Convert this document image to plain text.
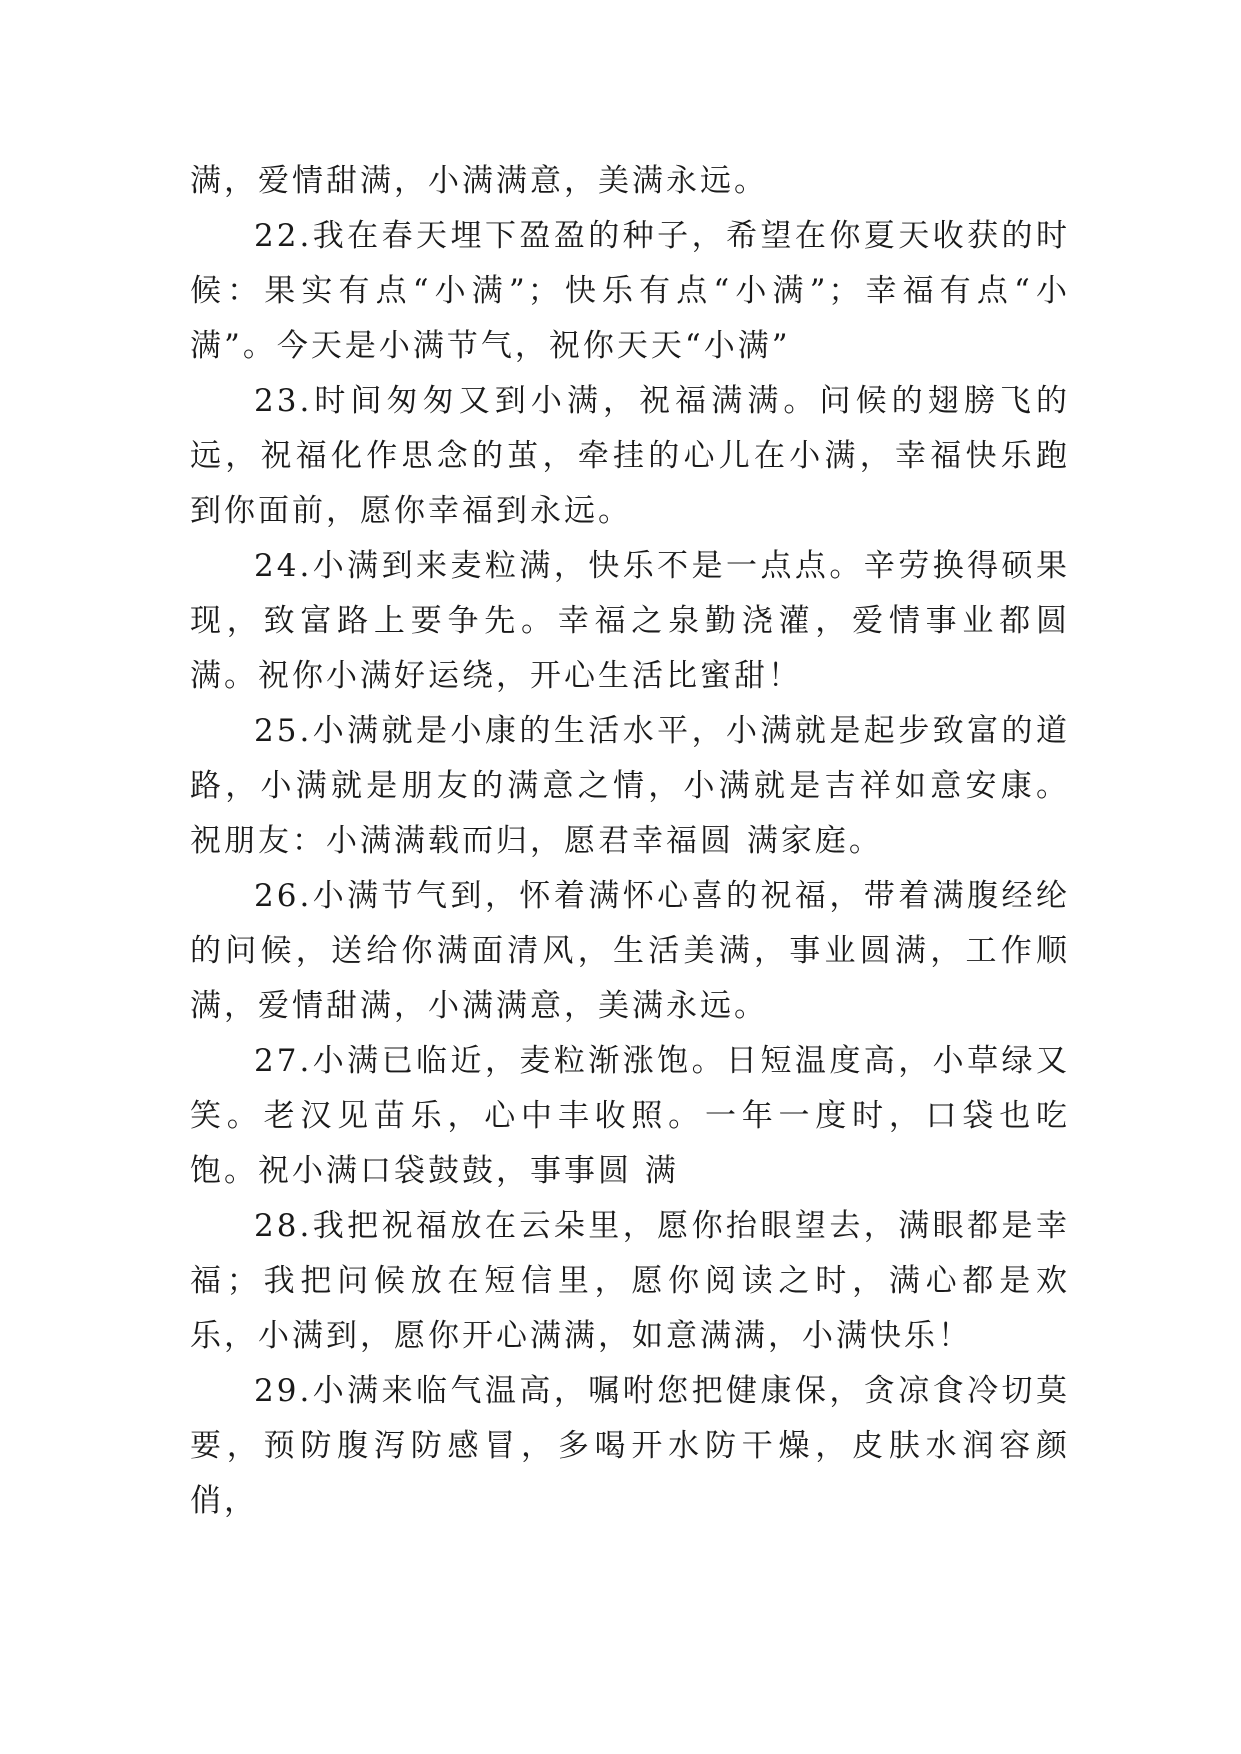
满，爱情甜满，小满满意，美满永远。

22.我在春天埋下盈盈的种子，希望在你夏天收获的时候：果实有点“小满”；快乐有点“小满”；幸福有点“小满”。今天是小满节气，祝你天天“小满”

23.时间匆匆又到小满，祝福满满。问候的翅膀飞的远，祝福化作思念的茧，牵挂的心儿在小满，幸福快乐跑到你面前，愿你幸福到永远。

24.小满到来麦粒满，快乐不是一点点。辛劳换得硕果现，致富路上要争先。幸福之泉勤浇灌，爱情事业都圆满。祝你小满好运绕，开心生活比蜜甜！

25.小满就是小康的生活水平，小满就是起步致富的道路，小满就是朋友的满意之情，小满就是吉祥如意安康。祝朋友：小满满载而归，愿君幸福圆 满家庭。

26.小满节气到，怀着满怀心喜的祝福，带着满腹经纶的问候，送给你满面清风，生活美满，事业圆满，工作顺满，爱情甜满，小满满意，美满永远。

27.小满已临近，麦粒渐涨饱。日短温度高，小草绿又笑。老汉见苗乐，心中丰收照。一年一度时，口袋也吃饱。祝小满口袋鼓鼓，事事圆 满

28.我把祝福放在云朵里，愿你抬眼望去，满眼都是幸福；我把问候放在短信里，愿你阅读之时，满心都是欢乐，小满到，愿你开心满满，如意满满，小满快乐！

29.小满来临气温高，嘱咐您把健康保，贪凉食冷切莫要，预防腹泻防感冒，多喝开水防干燥，皮肤水润容颜俏，
